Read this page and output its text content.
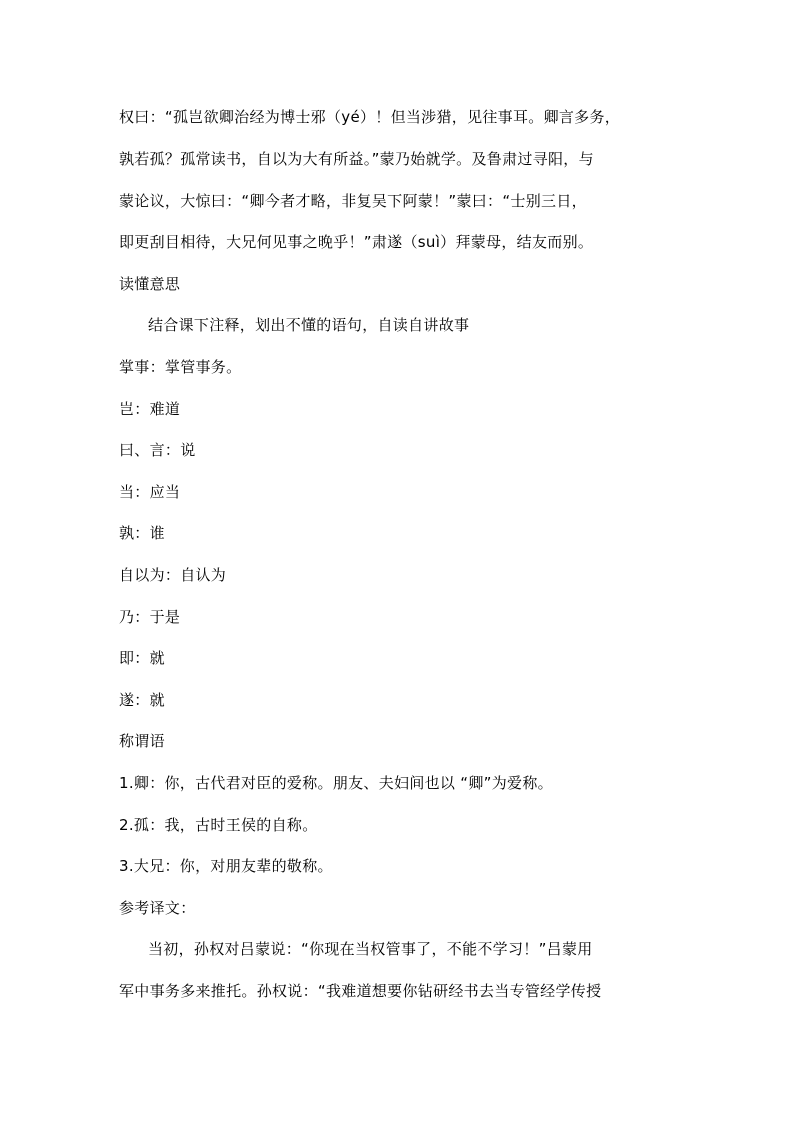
权曰：“孤岂欲卿治经为博士邪（yé）！但当涉猎，见往事耳。卿言多务，
孰若孤？孤常读书，自以为大有所益。”蒙乃始就学。及鲁肃过寻阳，与
蒙论议，大惊曰：“卿今者才略，非复吴下阿蒙！”蒙曰：“士别三日，
即更刮目相待，大兄何见事之晚乎！”肃遂（suì）拜蒙母，结友而别。
读懂意思
结合课下注释，划出不懂的语句，自读自讲故事
掌事：掌管事务。
岂：难道
曰、言：说
当：应当
孰：谁
自以为：自认为
乃：于是
即：就
遂：就
称谓语
1.卿：你，古代君对臣的爱称。朋友、夫妇间也以 “卿”为爱称。
2.孤：我，古时王侯的自称。
3.大兄：你，对朋友辈的敬称。
参考译文：
当初，孙权对吕蒙说：“你现在当权管事了，不能不学习！”吕蒙用
军中事务多来推托。孙权说：“我难道想要你钻研经书去当专管经学传授
